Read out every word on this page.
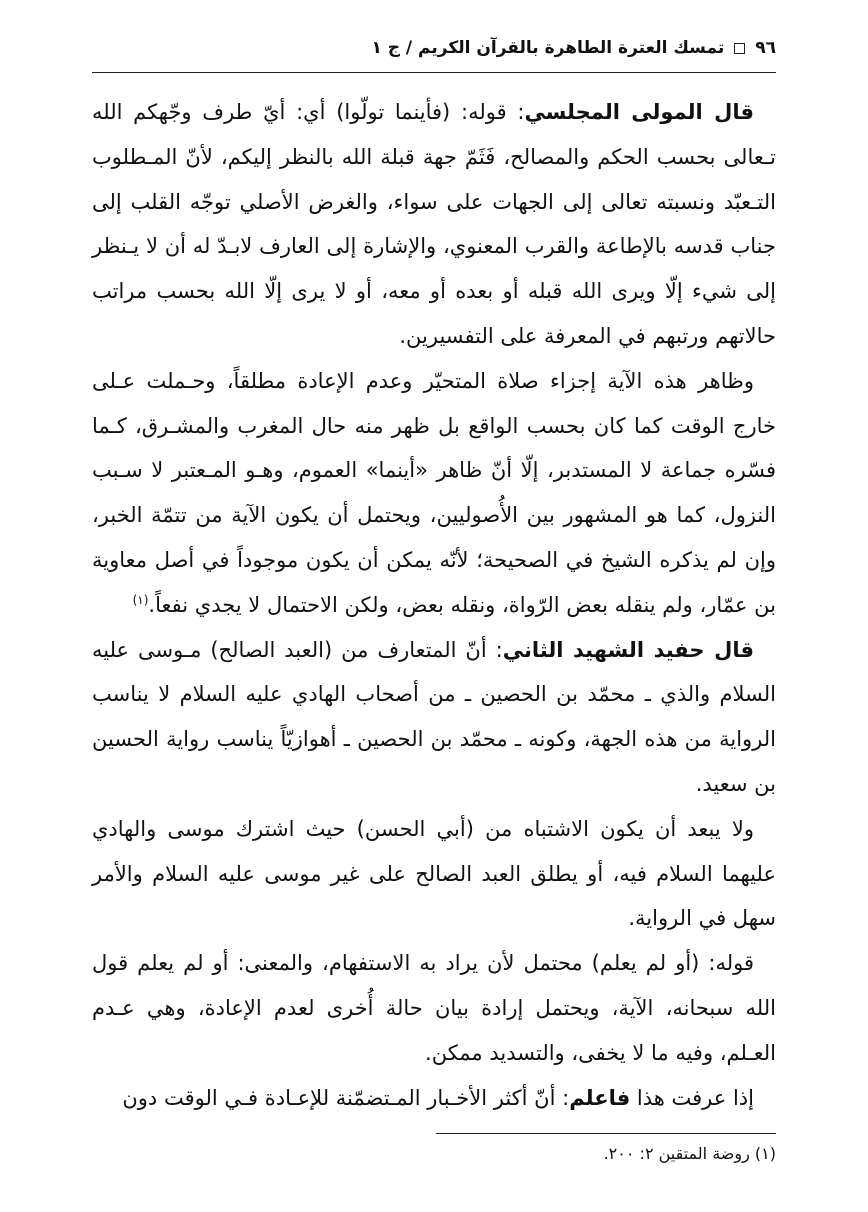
٩٦
تمسك العترة الطاهرة بالقرآن الكريم / ج ١

قال المولى المجلسي: قوله: (فأينما تولّوا) أي: أيّ طرف وجّهكم الله تـعالى بحسب الحكم والمصالح، فَثَمّ جهة قبلة الله بالنظر إليكم، لأنّ المـطلوب التـعبّد ونسبته تعالى إلى الجهات على سواء، والغرض الأصلي توجّه القلب إلى جناب قدسه بالإطاعة والقرب المعنوي، والإشارة إلى العارف لابـدّ له أن لا يـنظر إلى شيء إلّا ويرى الله قبله أو بعده أو معه، أو لا يرى إلّا الله بحسب مراتب حالاتهم ورتبهم في المعرفة على التفسيرين.

وظاهر هذه الآية إجزاء صلاة المتحيّر وعدم الإعادة مطلقاً، وحـملت عـلى خارج الوقت كما كان بحسب الواقع بل ظهر منه حال المغرب والمشـرق، كـما فسّره جماعة لا المستدبر، إلّا أنّ ظاهر «أينما» العموم، وهـو المـعتبر لا سـبب النزول، كما هو المشهور بين الأُصوليين، ويحتمل أن يكون الآية من تتمّة الخبر، وإن لم يذكره الشيخ في الصحيحة؛ لأنّه يمكن أن يكون موجوداً في أصل معاوية بن عمّار، ولم ينقله بعض الرّواة، ونقله بعض، ولكن الاحتمال لا يجدي نفعاً.$^{(١)}$

قال حفيد الشهيد الثاني: أنّ المتعارف من (العبد الصالح) مـوسى عليه السلام والذي ـ محمّد بن الحصين ـ من أصحاب الهادي عليه السلام لا يناسب الرواية من هذه الجهة، وكونه ـ محمّد بن الحصين ـ أهوازيّاً يناسب رواية الحسين بن سعيد.

ولا يبعد أن يكون الاشتباه من (أبي الحسن) حيث اشترك موسى والهادي عليهما السلام فيه، أو يطلق العبد الصالح على غير موسى عليه السلام والأمر سهل في الرواية.

قوله: (أو لم يعلم) محتمل لأن يراد به الاستفهام، والمعنى: أو لم يعلم قول الله سبحانه، الآية، ويحتمل إرادة بيان حالة أُخرى لعدم الإعادة، وهي عـدم العـلم، وفيه ما لا يخفى، والتسديد ممكن.

إذا عرفت هذا فاعلم: أنّ أكثر الأخـبار المـتضمّنة للإعـادة فـي الوقت دون

(١) روضة المتقين ٢: ٢٠٠.
